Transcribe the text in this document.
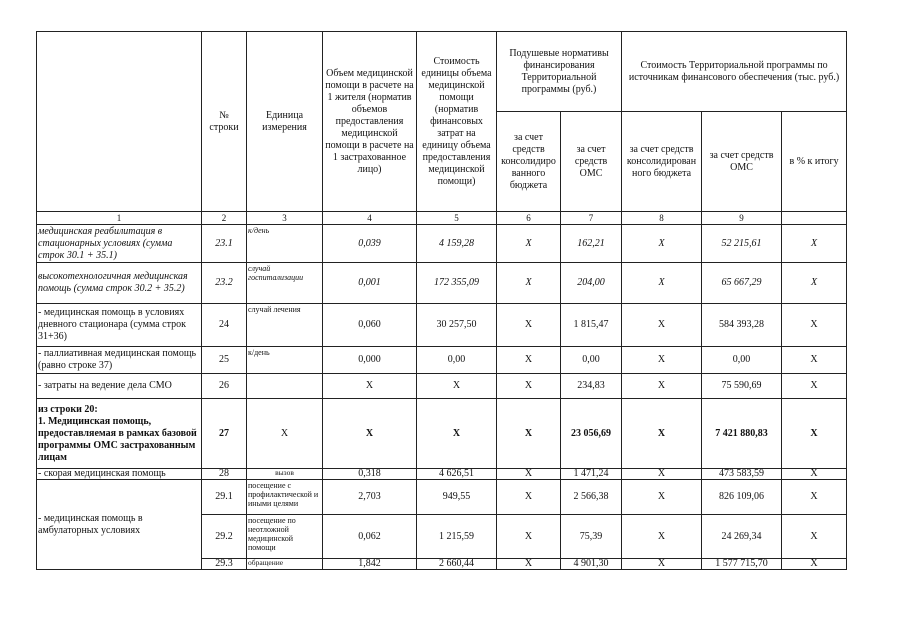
	№ строки	Единица измерения	Объем медицинской помощи в расчете на 1 жителя (норматив объемов предоставления медицинской помощи в расчете на 1 застрахованное лицо)	Стоимость единицы объема медицинской помощи (норматив финансовых затрат на единицу объема предоставления медицинской помощи)	Подушевые нормативы финансирования Территориальной программы (руб.)		Стоимость Территориальной программы по источникам финансового обеспечения (тыс. руб.)		
					за счет средств консолидиро ванного бюджета	за счет средств ОМС	за счет средств консолидирован ного бюджета	за счет средств ОМС	в % к итогу
1	2	3	4	5	6	7	8	9	
медицинская реабилитация в стационарных условиях (сумма строк 30.1 + 35.1)	23.1	к/день	0,039	4 159,28	X	162,21	X	52 215,61	X
высокотехнологичная медицинская помощь (сумма строк 30.2 + 35.2)	23.2	случай госпитализации	0,001	172 355,09	X	204,00	X	65 667,29	X
- медицинская помощь в условиях дневного стационара (сумма строк 31+36)	24	случай лечения	0,060	30 257,50	X	1 815,47	X	584 393,28	X
- паллиативная медицинская помощь (равно строке 37)	25	к/день	0,000	0,00	X	0,00	X	0,00	X
- затраты на ведение дела СМО	26		X	X	X	234,83	X	75 590,69	X
из строки 20:
1. Медицинская помощь, предоставляемая в рамках базовой программы ОМС застрахованным лицам	27	X	X	X	X	23 056,69	X	7 421 880,83	X
- скорая медицинская помощь	28	вызов	0,318	4 626,51	X	1 471,24	X	473 583,59	X
- медицинская помощь в амбулаторных условиях	29.1	посещение с профилактической и иными целями	2,703	949,55	X	2 566,38	X	826 109,06	X
	29.2	посещение по неотложной медицинской помощи	0,062	1 215,59	X	75,39	X	24 269,34	X
	29.3	обращение	1,842	2 660,44	X	4 901,30	X	1 577 715,70	X
